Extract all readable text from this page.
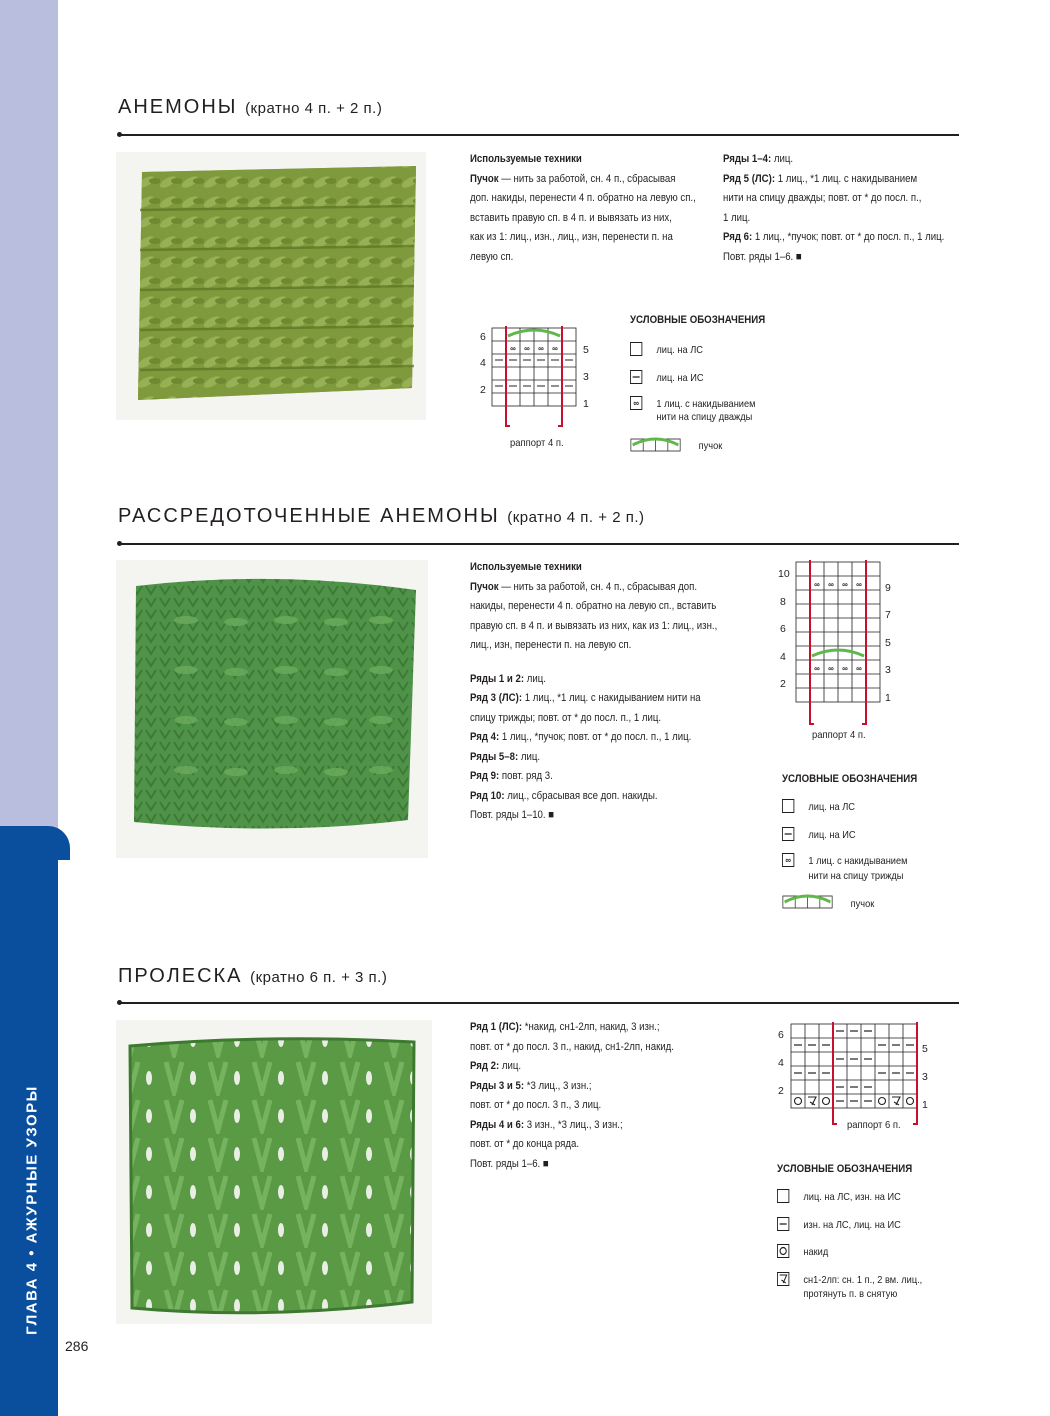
ГЛАВА 4 • АЖУРНЫЕ УЗОРЫ
286
АНЕМОНЫ (кратно 4 п. + 2 п.)

Используемые техники

Пучок — нить за работой, сн. 4 п., сбрасывая

доп. накиды, перенести 4 п. обратно на левую сп.,

вставить правую сп. в 4 п. и вывязать из них,

как из 1: лиц., изн., лиц., изн, перенести п. на

левую сп.

Ряды 1–4: лиц.

Ряд 5 (ЛС): 1 лиц., *1 лиц. с накидыванием

нити на спицу дважды; повт. от * до посл. п.,

1 лиц.

Ряд 6: 1 лиц., *пучок; повт. от * до посл. п., 1 лиц.

Повт. ряды 1–6. ■

∞ ∞ ∞ ∞
6
4
2
5
3
1
раппорт 4 п.
УСЛОВНЫЕ ОБОЗНАЧЕНИЯ
лиц. на ЛС
лиц. на ИС
∞	1 лиц. с накидыванием
нити на спицу дважды
пучок
РАССРЕДОТОЧЕННЫЕ АНЕМОНЫ (кратно 4 п. + 2 п.)

Используемые техники

Пучок — нить за работой, сн. 4 п., сбрасывая доп.

накиды, перенести 4 п. обратно на левую сп., вставить

правую сп. в 4 п. и вывязать из них, как из 1: лиц., изн.,

лиц., изн, перенести п. на левую сп.

Ряды 1 и 2: лиц.

Ряд 3 (ЛС): 1 лиц., *1 лиц. с накидыванием нити на

спицу трижды; повт. от * до посл. п., 1 лиц.

Ряд 4: 1 лиц., *пучок; повт. от * до посл. п., 1 лиц.

Ряды 5–8: лиц.

Ряд 9: повт. ряд 3.

Ряд 10: лиц., сбрасывая все доп. накиды.

Повт. ряды 1–10. ■

∞ ∞ ∞ ∞
∞ ∞ ∞ ∞
10
8
6
4
2
9
7
5
3
1
раппорт 4 п.
УСЛОВНЫЕ ОБОЗНАЧЕНИЯ
лиц. на ЛС
лиц. на ИС
∞	1 лиц. с накидыванием
нити на спицу трижды
пучок
ПРОЛЕСКА (кратно 6 п. + 3 п.)

Ряд 1 (ЛС): *накид, сн1-2лп, накид, 3 изн.;

повт. от * до посл. 3 п., накид, сн1-2лп, накид.

Ряд 2: лиц.

Ряды 3 и 5: *3 лиц., 3 изн.;

повт. от * до посл. 3 п., 3 лиц.

Ряды 4 и 6: 3 изн., *3 лиц., 3 изн.;

повт. от * до конца ряда.

Повт. ряды 1–6. ■

6
4
2
5
3
1
раппорт 6 п.
УСЛОВНЫЕ ОБОЗНАЧЕНИЯ
лиц. на ЛС, изн. на ИС
изн. на ЛС, лиц. на ИС
накид
сн1-2лп: сн. 1 п., 2 вм. лиц.,
протянуть п. в снятую
